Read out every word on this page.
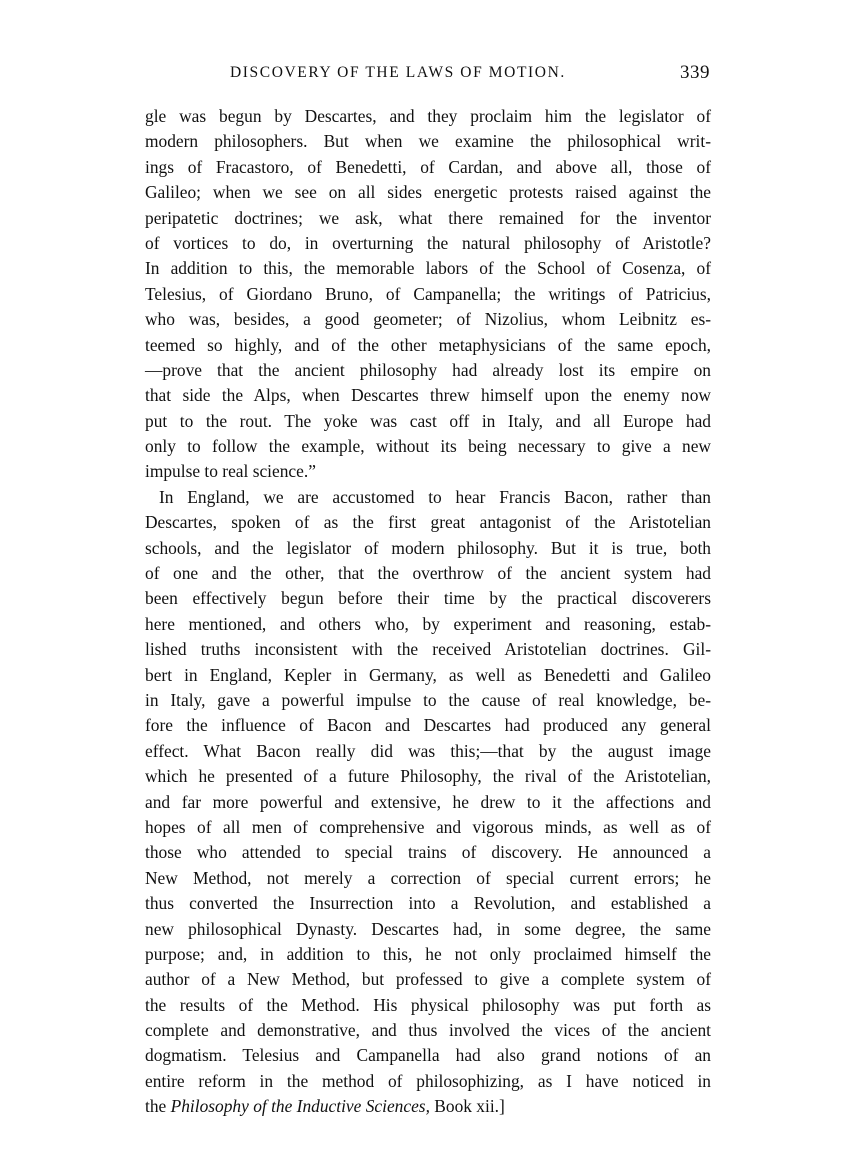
DISCOVERY OF THE LAWS OF MOTION.	339
gle was begun by Descartes, and they proclaim him the legislator of
modern philosophers. But when we examine the philosophical writ-
ings of Fracastoro, of Benedetti, of Cardan, and above all, those of
Galileo; when we see on all sides energetic protests raised against the
peripatetic doctrines; we ask, what there remained for the inventor
of vortices to do, in overturning the natural philosophy of Aristotle?
In addition to this, the memorable labors of the School of Cosenza, of
Telesius, of Giordano Bruno, of Campanella; the writings of Patricius,
who was, besides, a good geometer; of Nizolius, whom Leibnitz es-
teemed so highly, and of the other metaphysicians of the same epoch,
—prove that the ancient philosophy had already lost its empire on
that side the Alps, when Descartes threw himself upon the enemy now
put to the rout. The yoke was cast off in Italy, and all Europe had
only to follow the example, without its being necessary to give a new
impulse to real science.”
In England, we are accustomed to hear Francis Bacon, rather than
Descartes, spoken of as the first great antagonist of the Aristotelian
schools, and the legislator of modern philosophy. But it is true, both
of one and the other, that the overthrow of the ancient system had
been effectively begun before their time by the practical discoverers
here mentioned, and others who, by experiment and reasoning, estab-
lished truths inconsistent with the received Aristotelian doctrines. Gil-
bert in England, Kepler in Germany, as well as Benedetti and Galileo
in Italy, gave a powerful impulse to the cause of real knowledge, be-
fore the influence of Bacon and Descartes had produced any general
effect. What Bacon really did was this;—that by the august image
which he presented of a future Philosophy, the rival of the Aristotelian,
and far more powerful and extensive, he drew to it the affections and
hopes of all men of comprehensive and vigorous minds, as well as of
those who attended to special trains of discovery. He announced a
New Method, not merely a correction of special current errors; he
thus converted the Insurrection into a Revolution, and established a
new philosophical Dynasty. Descartes had, in some degree, the same
purpose; and, in addition to this, he not only proclaimed himself the
author of a New Method, but professed to give a complete system of
the results of the Method. His physical philosophy was put forth as
complete and demonstrative, and thus involved the vices of the ancient
dogmatism. Telesius and Campanella had also grand notions of an
entire reform in the method of philosophizing, as I have noticed in
the Philosophy of the Inductive Sciences, Book xii.]
